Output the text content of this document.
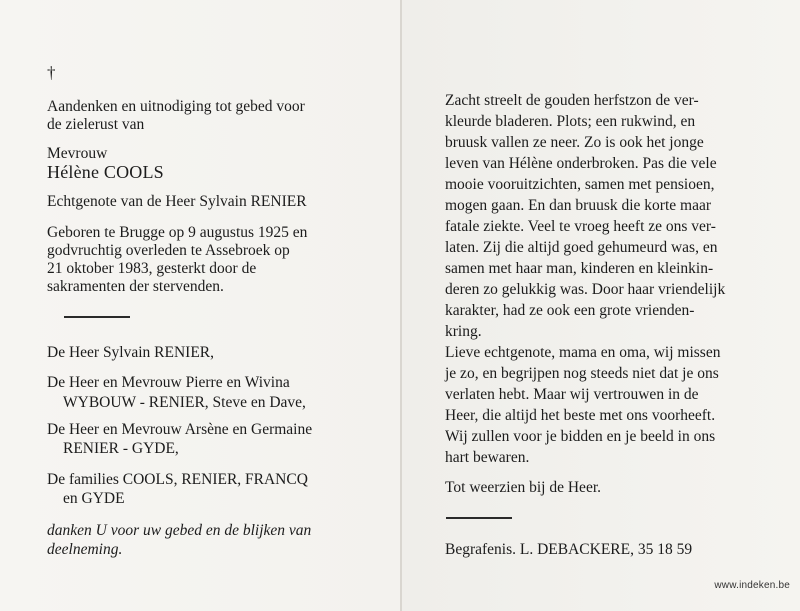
†
Aandenken en uitnodiging tot gebed voor
de zielerust van
Mevrouw
Hélène COOLS
Echtgenote van de Heer Sylvain RENIER
Geboren te Brugge op 9 augustus 1925 en
godvruchtig overleden te Assebroek op
21 oktober 1983, gesterkt door de
sakramenten der stervenden.
De Heer Sylvain RENIER,
De Heer en Mevrouw Pierre en Wivina
WYBOUW - RENIER, Steve en Dave,
De Heer en Mevrouw Arsène en Germaine
RENIER - GYDE,
De families COOLS, RENIER, FRANCQ
en GYDE
danken U voor uw gebed en de blijken van
deelneming.
Zacht streelt de gouden herfstzon de ver-
kleurde bladeren. Plots; een rukwind, en
bruusk vallen ze neer. Zo is ook het jonge
leven van Hélène onderbroken. Pas die vele
mooie vooruitzichten, samen met pensioen,
mogen gaan. En dan bruusk die korte maar
fatale ziekte. Veel te vroeg heeft ze ons ver-
laten. Zij die altijd goed gehumeurd was, en
samen met haar man, kinderen en kleinkin-
deren zo gelukkig was. Door haar vriendelijk
karakter, had ze ook een grote vrienden-
kring.
Lieve echtgenote, mama en oma, wij missen
je zo, en begrijpen nog steeds niet dat je ons
verlaten hebt. Maar wij vertrouwen in de
Heer, die altijd het beste met ons voorheeft.
Wij zullen voor je bidden en je beeld in ons
hart bewaren.
Tot weerzien bij de Heer.
Begrafenis. L. DEBACKERE, 35 18 59
www.indeken.be
